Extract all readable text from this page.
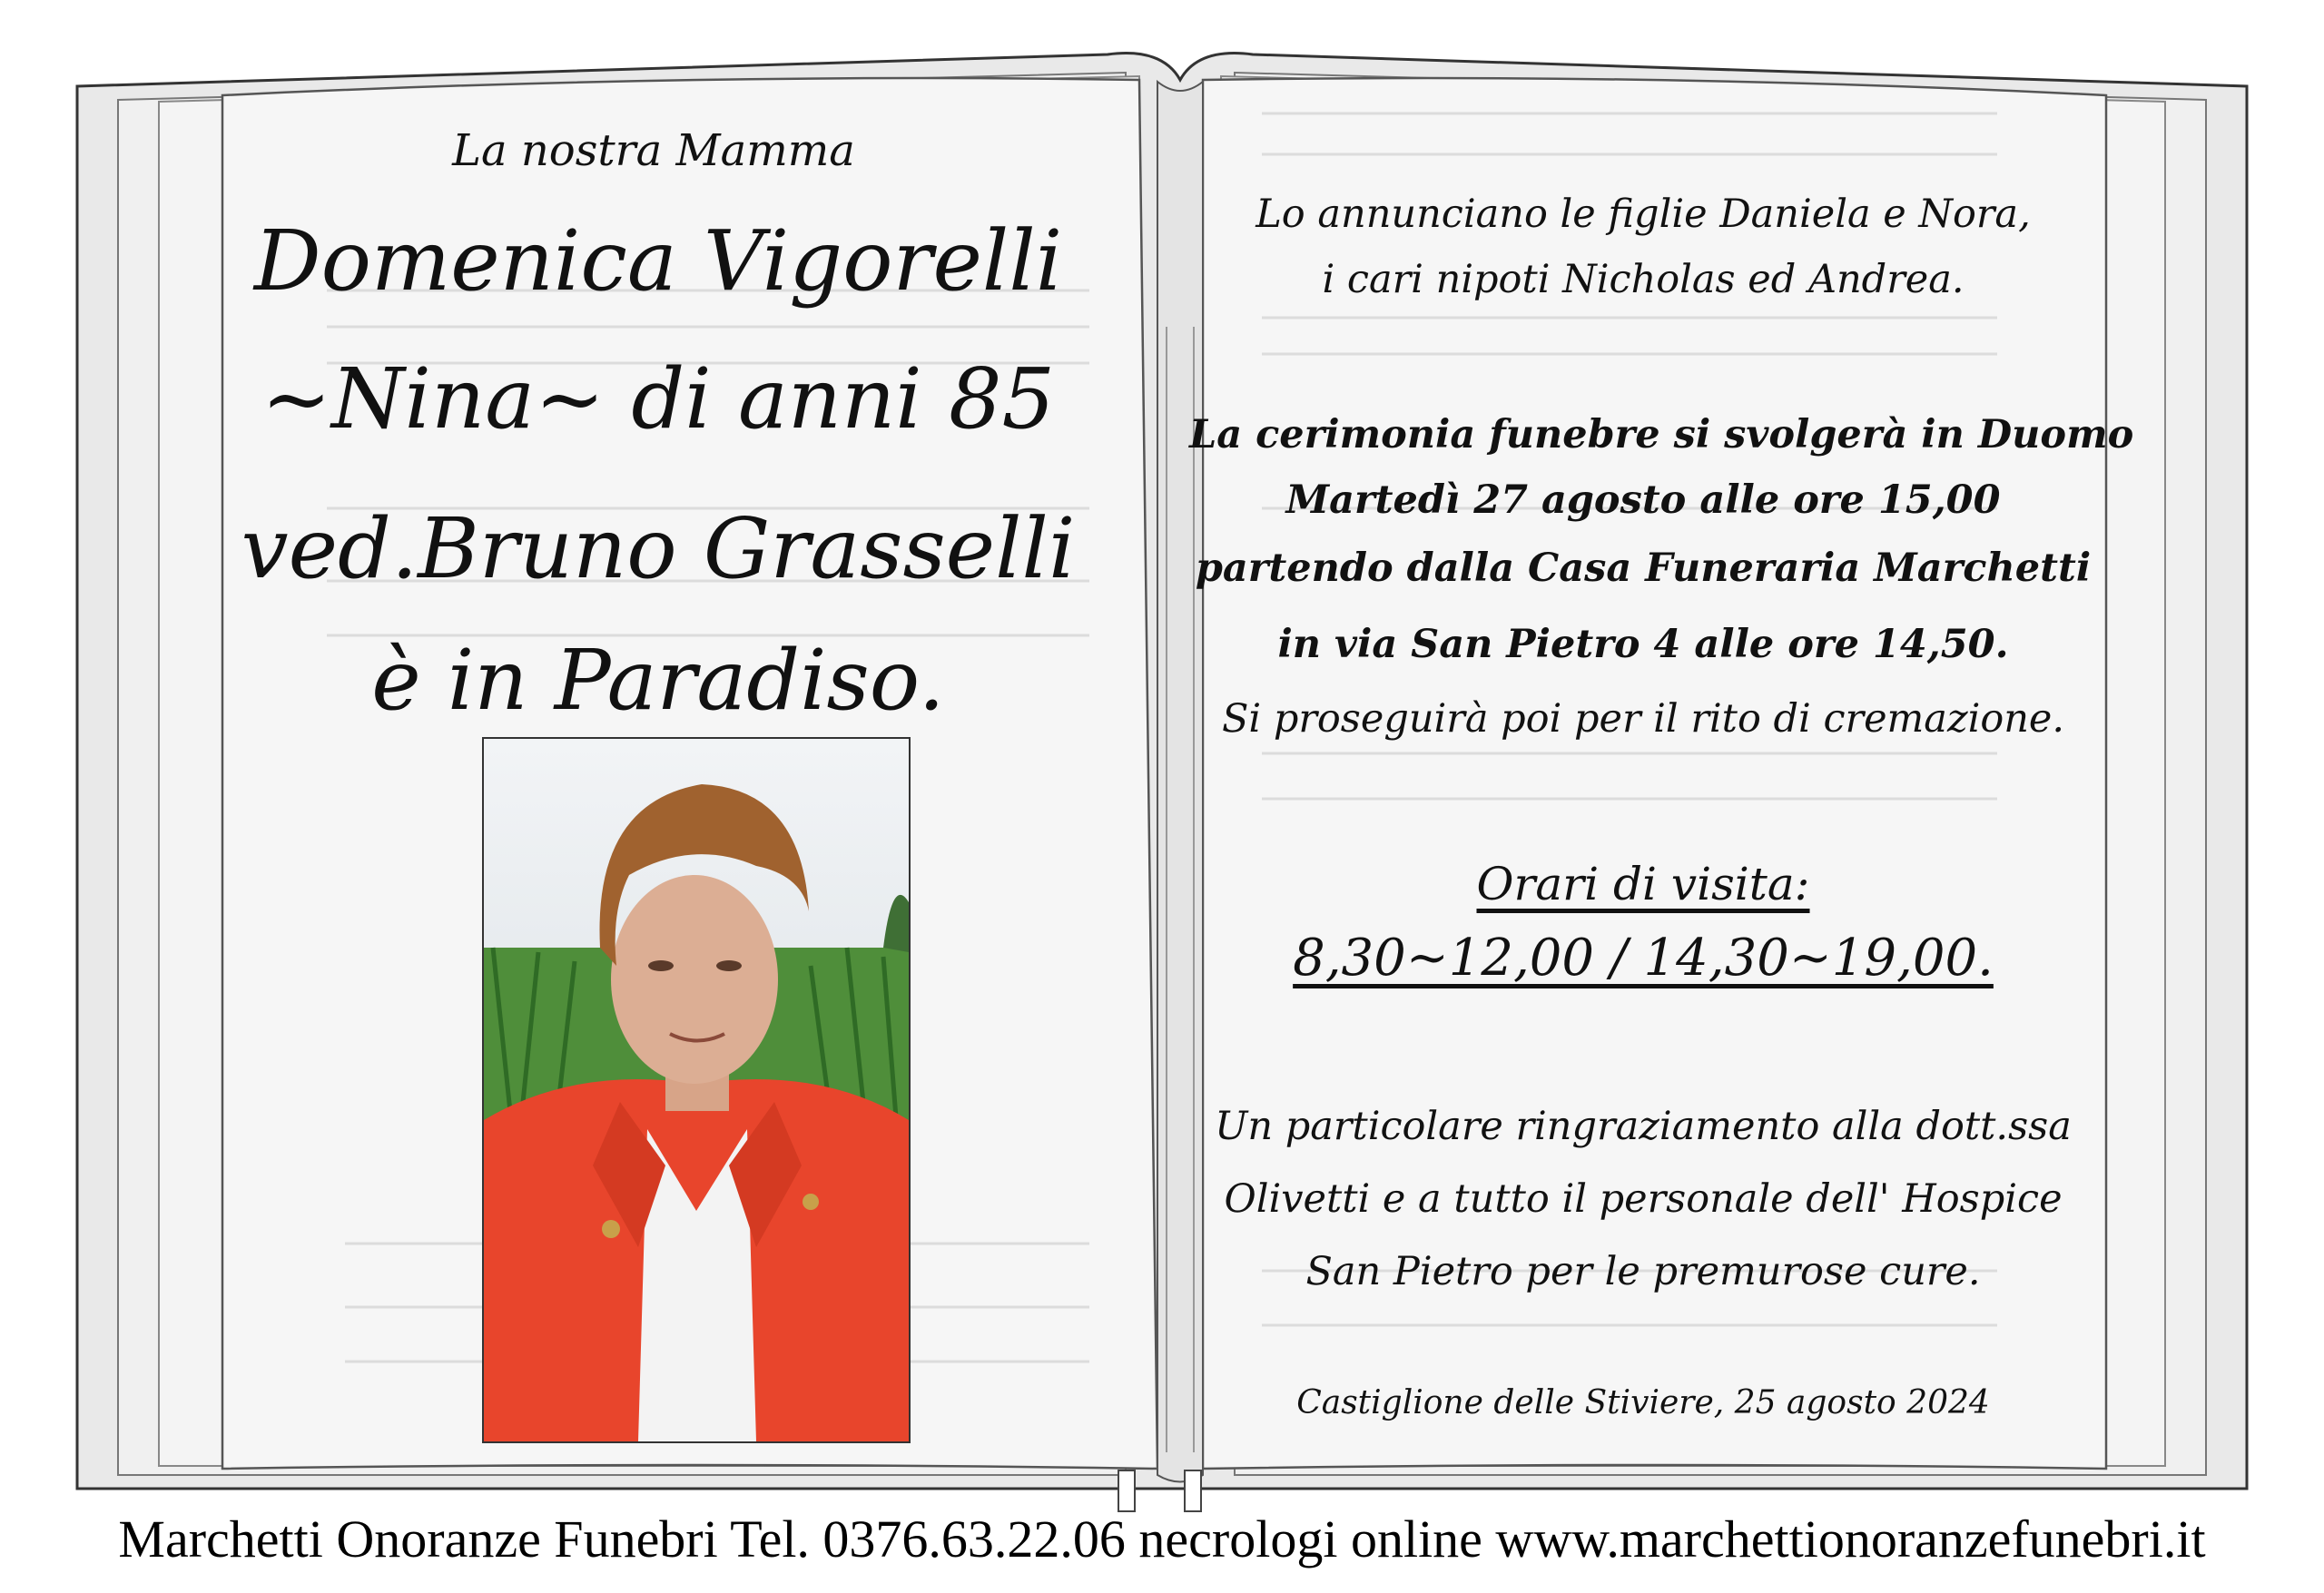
La nostra Mamma
Domenica Vigorelli
~Nina~ di anni 85
ved.Bruno Grasselli
è in Paradiso.
Lo annunciano le figlie Daniela e Nora,
i cari nipoti Nicholas ed Andrea.
La cerimonia funebre si svolgerà in Duomo
Martedì 27 agosto alle ore 15,00
partendo dalla Casa Funeraria Marchetti
in via San Pietro 4 alle ore 14,50.
Si proseguirà poi per il rito di cremazione.
Orari di visita:
8,30~12,00 / 14,30~19,00.
Un particolare ringraziamento alla dott.ssa
Olivetti e a tutto il personale dell' Hospice
San Pietro per le premurose cure.
Castiglione delle Stiviere, 25 agosto 2024
Marchetti Onoranze Funebri Tel. 0376.63.22.06 necrologi online www.marchettionoranzefunebri.it
